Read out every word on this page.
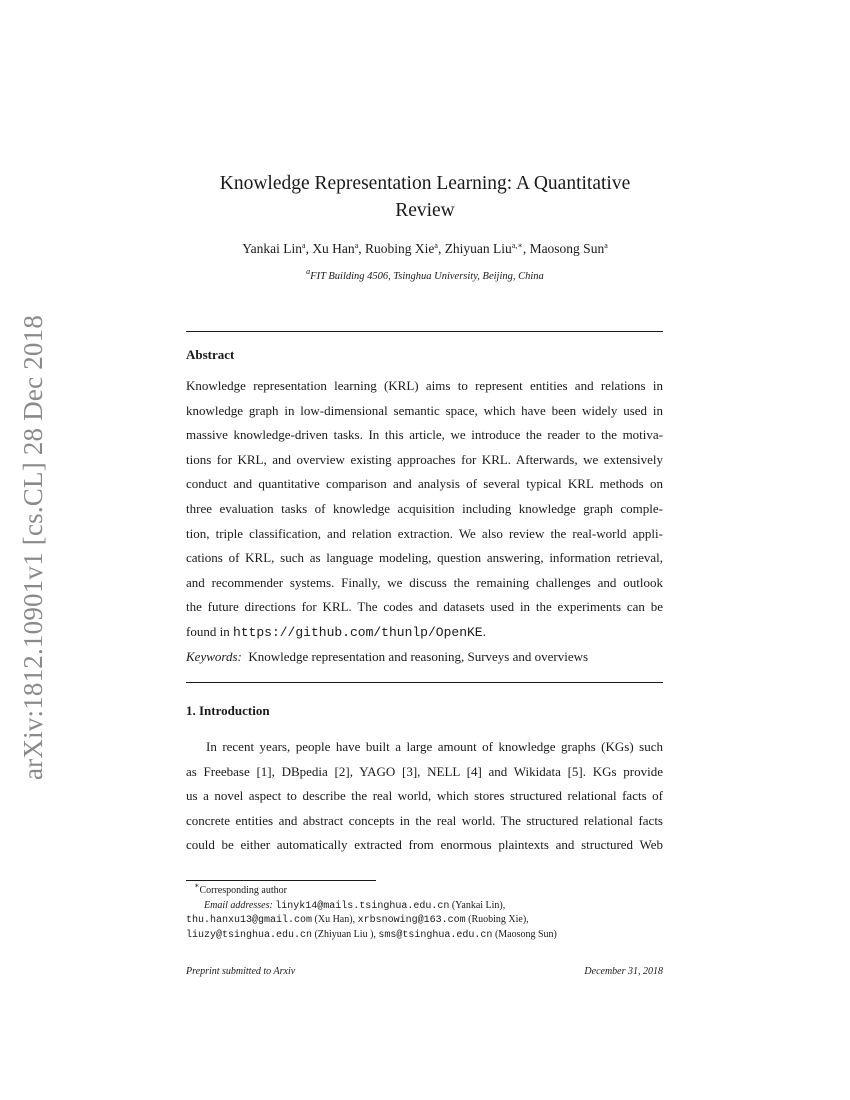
arXiv:1812.10901v1 [cs.CL] 28 Dec 2018
Knowledge Representation Learning: A Quantitative
Review
Yankai Lin$^a$, Xu Han$^a$, Ruobing Xie$^a$, Zhiyuan Liu$^{a,∗}$, Maosong Sun$^a$
$^a$FIT Building 4506, Tsinghua University, Beijing, China
Abstract
Knowledge representation learning (KRL) aims to represent entities and relations in
knowledge graph in low-dimensional semantic space, which have been widely used in
massive knowledge-driven tasks. In this article, we introduce the reader to the motiva-
tions for KRL, and overview existing approaches for KRL. Afterwards, we extensively
conduct and quantitative comparison and analysis of several typical KRL methods on
three evaluation tasks of knowledge acquisition including knowledge graph comple-
tion, triple classification, and relation extraction. We also review the real-world appli-
cations of KRL, such as language modeling, question answering, information retrieval,
and recommender systems. Finally, we discuss the remaining challenges and outlook
the future directions for KRL. The codes and datasets used in the experiments can be
found in https://github.com/thunlp/OpenKE.
Keywords: Knowledge representation and reasoning, Surveys and overviews
1. Introduction
In recent years, people have built a large amount of knowledge graphs (KGs) such
as Freebase [1], DBpedia [2], YAGO [3], NELL [4] and Wikidata [5]. KGs provide
us a novel aspect to describe the real world, which stores structured relational facts of
concrete entities and abstract concepts in the real world. The structured relational facts
could be either automatically extracted from enormous plaintexts and structured Web
∗Corresponding author
Email addresses: linyk14@mails.tsinghua.edu.cn (Yankai Lin),
thu.hanxu13@gmail.com (Xu Han), xrbsnowing@163.com (Ruobing Xie),
liuzy@tsinghua.edu.cn (Zhiyuan Liu ), sms@tsinghua.edu.cn (Maosong Sun)
Preprint submitted to Arxiv	December 31, 2018
